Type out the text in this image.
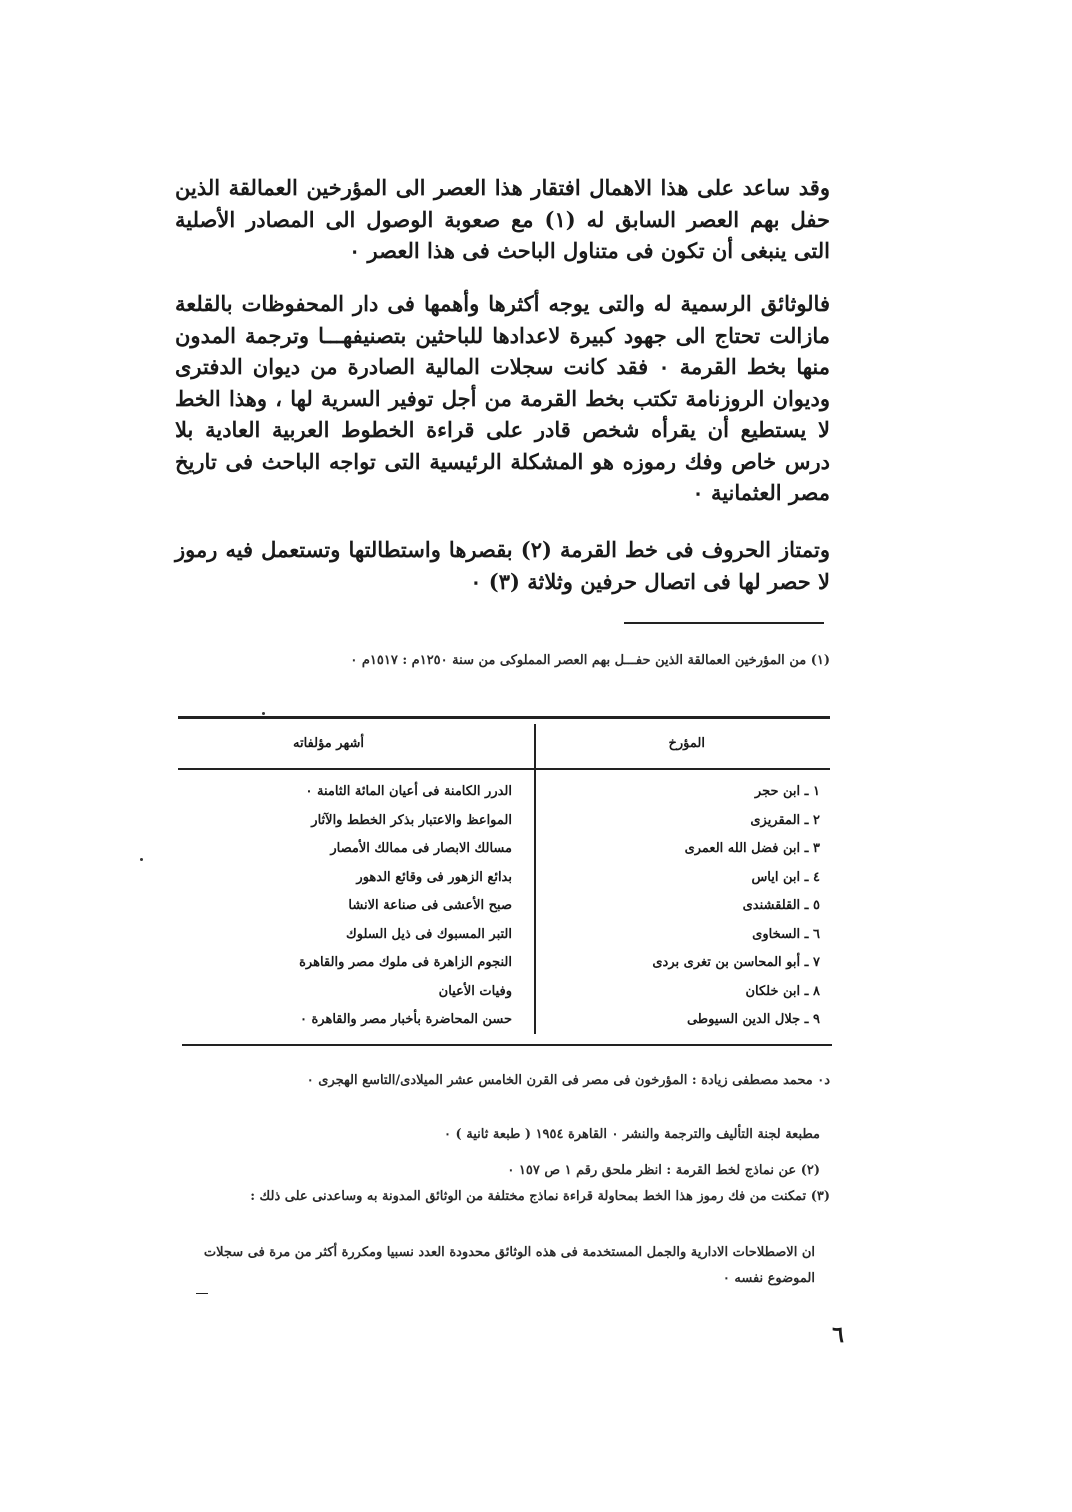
وقد ساعد على هذا الاهمال افتقار هذا العصر الى المؤرخين العمالقة الذين حفل بهم العصر السابق له (١) مع صعوبة الوصول الى المصادر الأصلية التى ينبغى أن تكون فى متناول الباحث فى هذا العصر ٠

فالوثائق الرسمية له والتى يوجه أكثرها وأهمها فى دار المحفوظات بالقلعة مازالت تحتاج الى جهود كبيرة لاعدادها للباحثين بتصنيفهـــا وترجمة المدون منها بخط القرمة ٠ فقد كانت سجلات المالية الصادرة من ديوان الدفترى وديوان الروزنامة تكتب بخط القرمة من أجل توفير السرية لها ، وهذا الخط لا يستطيع أن يقرأه شخص قادر على قراءة الخطوط العربية العادية بلا درس خاص وفك رموزه هو المشكلة الرئيسية التى تواجه الباحث فى تاريخ مصر العثمانية ٠

وتمتاز الحروف فى خط القرمة (٢) بقصرها واستطالتها وتستعمل فيه رموز لا حصر لها فى اتصال حرفين وثلاثة (٣) ٠

(١) من المؤرخين العمالقة الذين حفـــل بهم العصر المملوكى من سنة ١٢٥٠م : ١٥١٧م ٠
المؤرخ
أشهر مؤلفاته
١ ـ ابن حجر
٢ ـ المقريزى
٣ ـ ابن فضل الله العمرى
٤ ـ ابن اياس
٥ ـ القلقشندى
٦ ـ السخاوى
٧ ـ أبو المحاسن بن تغرى بردى
٨ ـ ابن خلكان
٩ ـ جلال الدين السيوطى
الدرر الكامنة فى أعيان المائة الثامنة ٠
المواعظ والاعتبار بذكر الخطط والآثار
مسالك الابصار فى ممالك الأمصار
بدائع الزهور فى وقائع الدهور
صبح الأعشى فى صناعة الانشا
التبر المسبوك فى ذيل السلوك
النجوم الزاهرة فى ملوك مصر والقاهرة
وفيات الأعيان
حسن المحاضرة بأخبار مصر والقاهرة ٠
د٠ محمد مصطفى زيادة : المؤرخون فى مصر فى القرن الخامس عشر الميلادى/التاسع الهجرى ٠
مطبعة لجنة التأليف والترجمة والنشر ٠ القاهرة ١٩٥٤ ( طبعة ثانية ) ٠
(٢) عن نماذج لخط القرمة : انظر ملحق رقم ١ ص ١٥٧ ٠
(٣) تمكنت من فك رموز هذا الخط بمحاولة قراءة نماذج مختلفة من الوثائق المدونة به وساعدنى على ذلك :
ان الاصطلاحات الادارية والجمل المستخدمة فى هذه الوثائق محدودة العدد نسبيا ومكررة أكثر من مرة فى سجلات الموضوع نفسه ٠
٦
